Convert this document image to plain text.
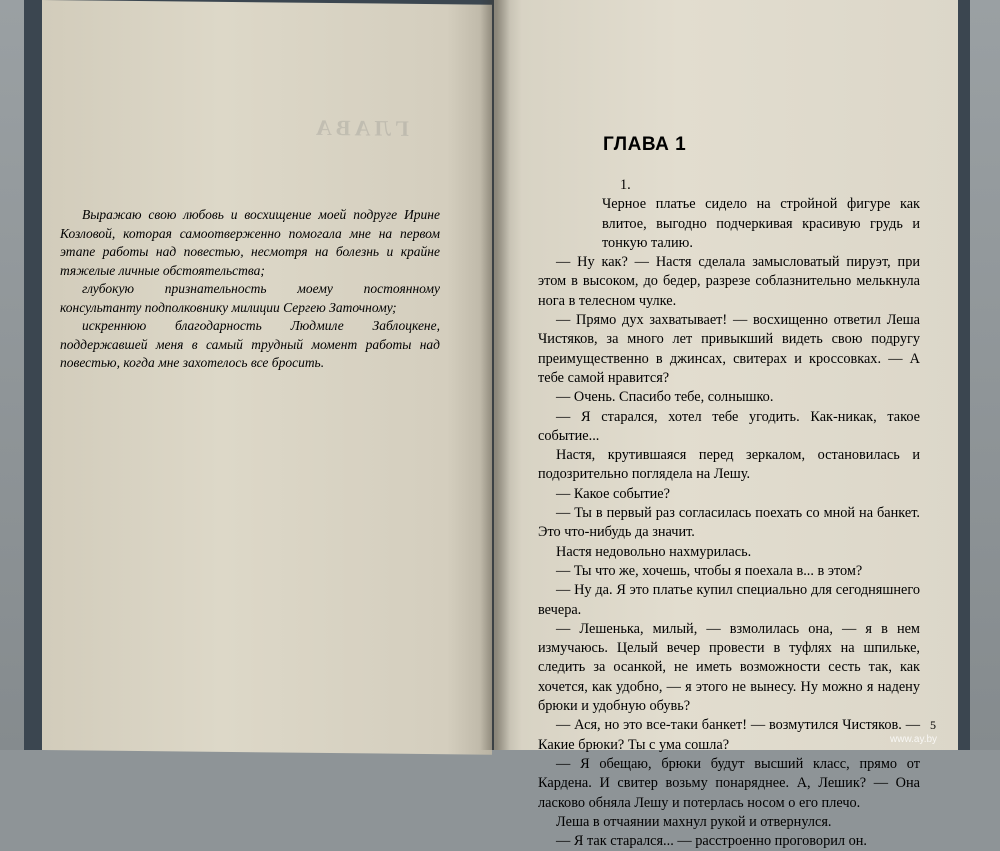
ΓЛAВA

Выражаю свою любовь и восхищение моей подруге Ирине Козловой, которая самоотверженно помогала мне на первом этапе работы над повестью, несмотря на болезнь и крайне тяжелые личные обстоятельства;

глубокую признательность моему постоянному консультанту подполковнику милиции Сергею Заточному;

искреннюю благодарность Людмиле Заблоцкене, поддержавшей меня в самый трудный момент работы над повестью, когда мне захотелось все бросить.

ГЛАВА 1

1.

Черное платье сидело на стройной фигуре как влитое, выгодно подчеркивая красивую грудь и тонкую талию.

— Ну как? — Настя сделала замысловатый пируэт, при этом в высоком, до бедер, разрезе соблазнительно мелькнула нога в телесном чулке.

— Прямо дух захватывает! — восхищенно ответил Леша Чистяков, за много лет привыкший видеть свою подругу преимущественно в джинсах, свитерах и кроссовках. — А тебе самой нравится?

— Очень. Спасибо тебе, солнышко.

— Я старался, хотел тебе угодить. Как-никак, такое событие...

Настя, крутившаяся перед зеркалом, остановилась и подозрительно поглядела на Лешу.

— Какое событие?

— Ты в первый раз согласилась поехать со мной на банкет. Это что-нибудь да значит.

Настя недовольно нахмурилась.

— Ты что же, хочешь, чтобы я поехала в... в этом?

— Ну да. Я это платье купил специально для сегодняшнего вечера.

— Лешенька, милый, — взмолилась она, — я в нем измучаюсь. Целый вечер провести в туфлях на шпильке, следить за осанкой, не иметь возможности сесть так, как хочется, как удобно, — я этого не вынесу. Ну можно я надену брюки и удобную обувь?

— Ася, но это все-таки банкет! — возмутился Чистяков. — Какие брюки? Ты с ума сошла?

— Я обещаю, брюки будут высший класс, прямо от Кардена. И свитер возьму понаряднее. А, Лешик? — Она ласково обняла Лешу и потерлась носом о его плечо.

Леша в отчаянии махнул рукой и отвернулся.

— Я так старался... — расстроенно проговорил он.

5
www.ay.by
